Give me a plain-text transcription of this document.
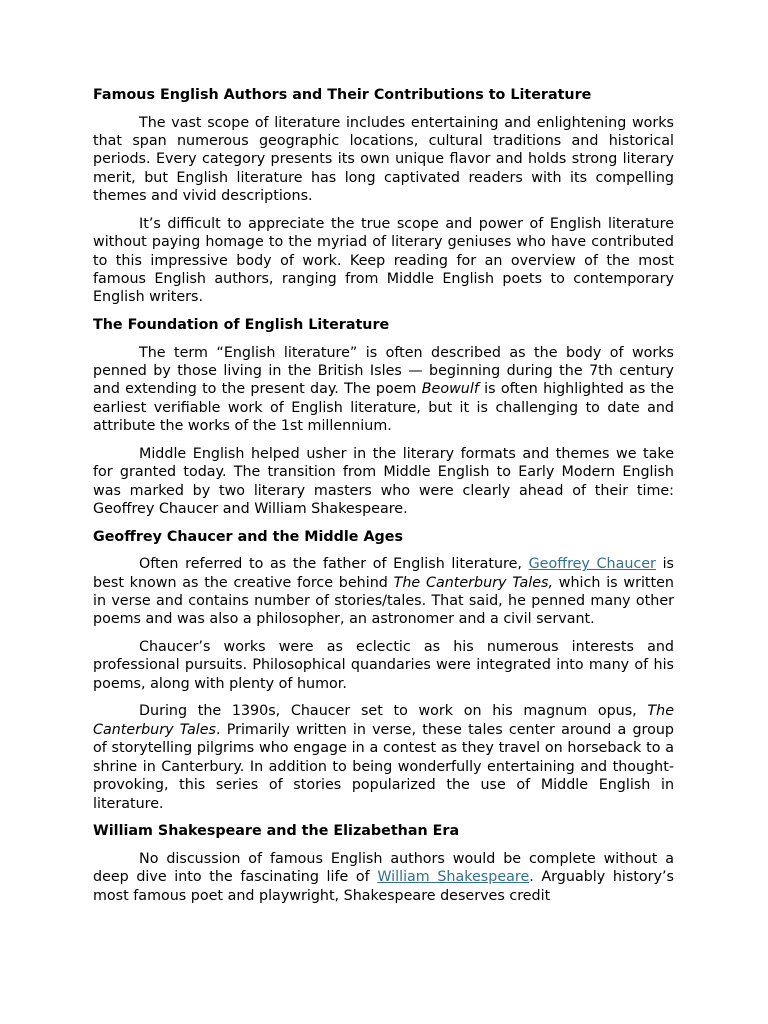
Famous English Authors and Their Contributions to Literature

The vast scope of literature includes entertaining and enlightening works that span numerous geographic locations, cultural traditions and historical periods. Every category presents its own unique flavor and holds strong literary merit, but English literature has long captivated readers with its compelling themes and vivid descriptions.

It’s difficult to appreciate the true scope and power of English literature without paying homage to the myriad of literary geniuses who have contributed to this impressive body of work. Keep reading for an overview of the most famous English authors, ranging from Middle English poets to contemporary English writers.

The Foundation of English Literature

The term “English literature” is often described as the body of works penned by those living in the British Isles — beginning during the 7th century and extending to the present day. The poem Beowulf is often highlighted as the earliest verifiable work of English literature, but it is challenging to date and attribute the works of the 1st millennium.

Middle English helped usher in the literary formats and themes we take for granted today. The transition from Middle English to Early Modern English was marked by two literary masters who were clearly ahead of their time: Geoffrey Chaucer and William Shakespeare.

Geoffrey Chaucer and the Middle Ages

Often referred to as the father of English literature, Geoffrey Chaucer is best known as the creative force behind The Canterbury Tales, which is written in verse and contains number of stories/tales. That said, he penned many other poems and was also a philosopher, an astronomer and a civil servant.

Chaucer’s works were as eclectic as his numerous interests and professional pursuits. Philosophical quandaries were integrated into many of his poems, along with plenty of humor.

During the 1390s, Chaucer set to work on his magnum opus, The Canterbury Tales. Primarily written in verse, these tales center around a group of storytelling pilgrims who engage in a contest as they travel on horseback to a shrine in Canterbury. In addition to being wonderfully entertaining and thought-provoking, this series of stories popularized the use of Middle English in literature.

William Shakespeare and the Elizabethan Era

No discussion of famous English authors would be complete without a deep dive into the fascinating life of William Shakespeare. Arguably history’s most famous poet and playwright, Shakespeare deserves credit
